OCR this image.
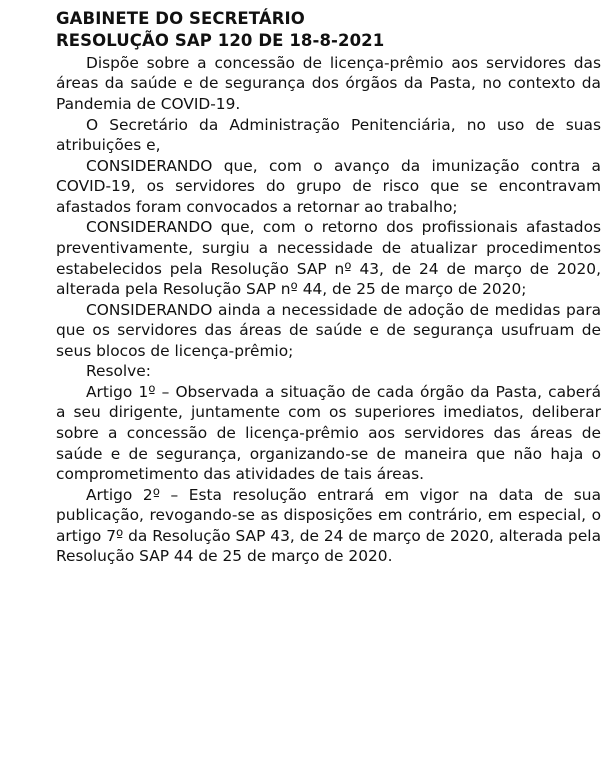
GABINETE DO SECRETÁRIO
RESOLUÇÃO SAP 120 DE 18-8-2021

Dispõe sobre a concessão de licença-prêmio aos servidores das áreas da saúde e de segurança dos órgãos da Pasta, no contexto da Pandemia de COVID-19.

O Secretário da Administração Penitenciária, no uso de suas atribuições e,

CONSIDERANDO que, com o avanço da imunização contra a COVID-19, os servidores do grupo de risco que se encontravam afastados foram convocados a retornar ao trabalho;

CONSIDERANDO que, com o retorno dos profissionais afastados preventivamente, surgiu a necessidade de atualizar procedimentos estabelecidos pela Resolução SAP nº 43, de 24 de março de 2020, alterada pela Resolução SAP nº 44, de 25 de março de 2020;

CONSIDERANDO ainda a necessidade de adoção de medidas para que os servidores das áreas de saúde e de segurança usufruam de seus blocos de licença-prêmio;

Resolve:

Artigo 1º – Observada a situação de cada órgão da Pasta, caberá a seu dirigente, juntamente com os superiores imediatos, deliberar sobre a concessão de licença-prêmio aos servidores das áreas de saúde e de segurança, organizando-se de maneira que não haja o comprometimento das atividades de tais áreas.

Artigo 2º – Esta resolução entrará em vigor na data de sua publicação, revogando-se as disposições em contrário, em especial, o artigo 7º da Resolução SAP 43, de 24 de março de 2020, alterada pela Resolução SAP 44 de 25 de março de 2020.
